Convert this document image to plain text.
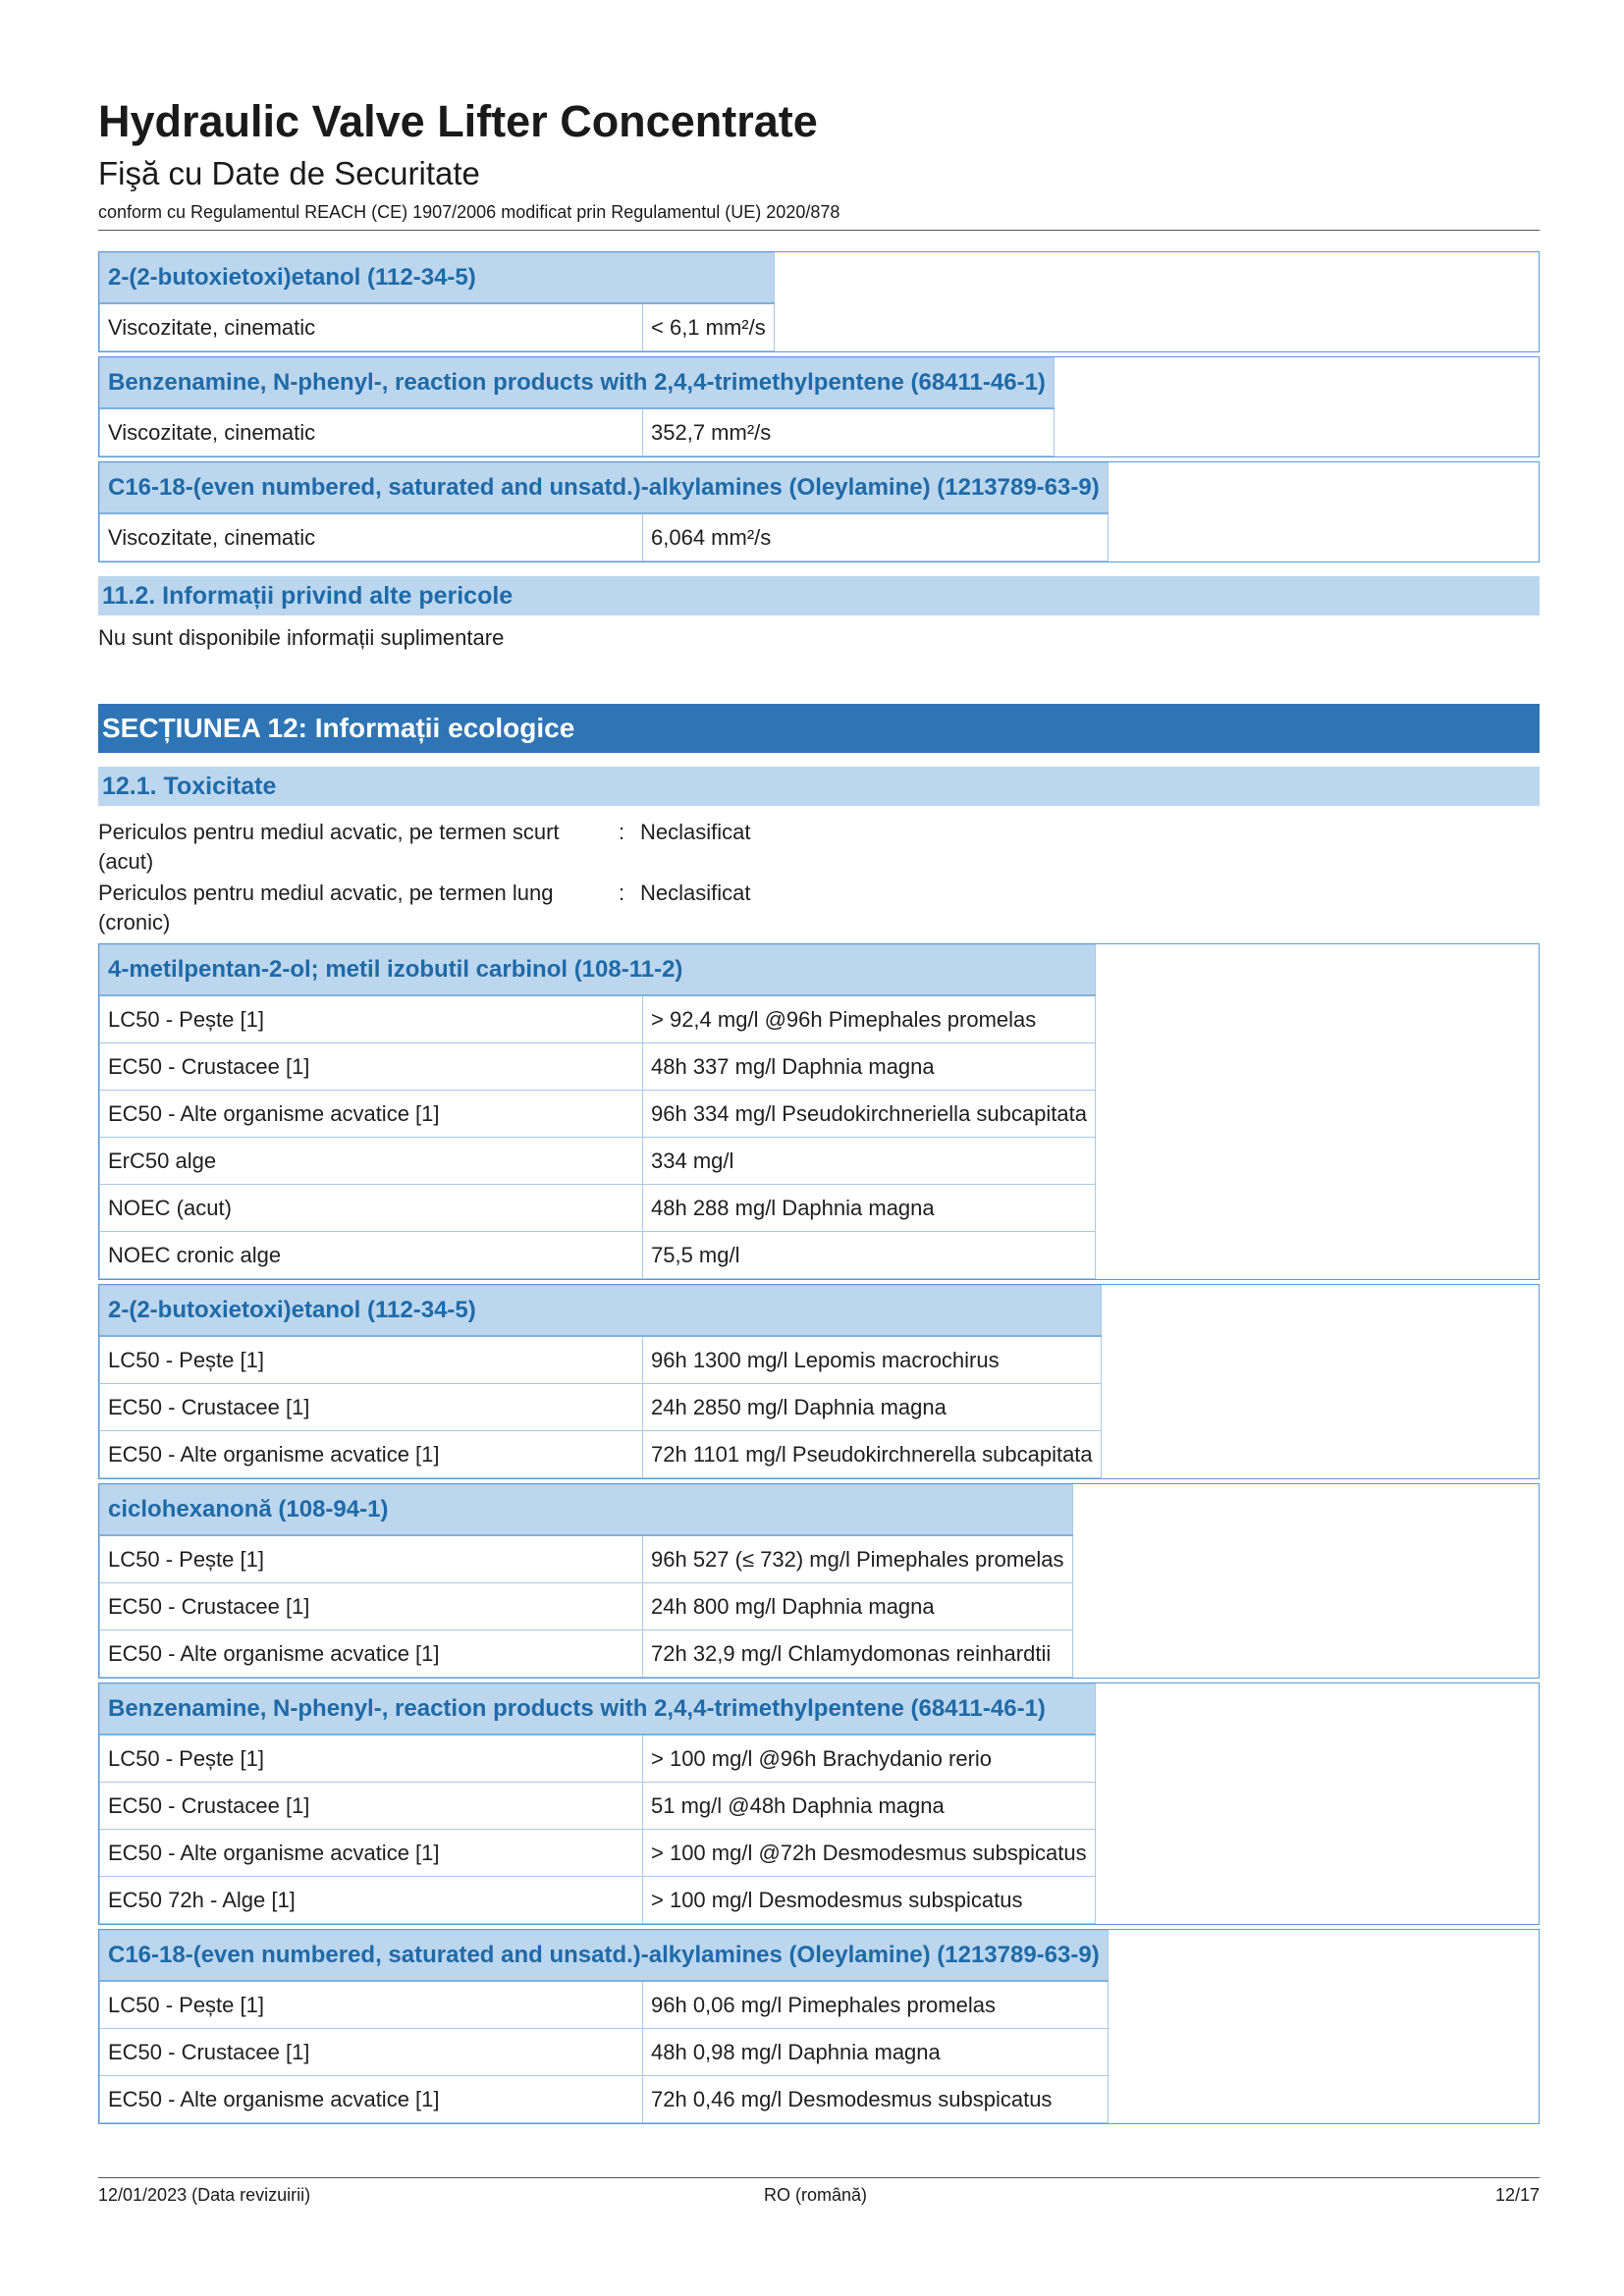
Hydraulic Valve Lifter Concentrate
Fişă cu Date de Securitate
conform cu Regulamentul REACH (CE) 1907/2006 modificat prin Regulamentul (UE) 2020/878
2-(2-butoxietoxi)etanol (112-34-5)
Viscozitate, cinematic	< 6,1 mm²/s
Benzenamine, N-phenyl-, reaction products with 2,4,4-trimethylpentene (68411-46-1)
Viscozitate, cinematic	352,7 mm²/s
C16-18-(even numbered, saturated and unsatd.)-alkylamines (Oleylamine) (1213789-63-9)
Viscozitate, cinematic	6,064 mm²/s
11.2. Informații privind alte pericole
Nu sunt disponibile informații suplimentare
SECȚIUNEA 12: Informații ecologice
12.1. Toxicitate
Periculos pentru mediul acvatic, pe termen scurt
(acut)
: Neclasificat
Periculos pentru mediul acvatic, pe termen lung
(cronic)
: Neclasificat
4-metilpentan-2-ol; metil izobutil carbinol (108-11-2)	
LC50 - Pește [1]	> 92,4 mg/l @96h Pimephales promelas
EC50 - Crustacee [1]	48h 337 mg/l Daphnia magna
EC50 - Alte organisme acvatice [1]	96h 334 mg/l Pseudokirchneriella subcapitata
ErC50 alge	334 mg/l
NOEC (acut)	48h 288 mg/l Daphnia magna
NOEC cronic alge	75,5 mg/l
2-(2-butoxietoxi)etanol (112-34-5)	
LC50 - Pește [1]	96h 1300 mg/l Lepomis macrochirus
EC50 - Crustacee [1]	24h 2850 mg/l Daphnia magna
EC50 - Alte organisme acvatice [1]	72h 1101 mg/l Pseudokirchnerella subcapitata
ciclohexanonă (108-94-1)	
LC50 - Pește [1]	96h 527 (≤ 732) mg/l Pimephales promelas
EC50 - Crustacee [1]	24h 800 mg/l Daphnia magna
EC50 - Alte organisme acvatice [1]	72h 32,9 mg/l Chlamydomonas reinhardtii
Benzenamine, N-phenyl-, reaction products with 2,4,4-trimethylpentene (68411-46-1)	
LC50 - Pește [1]	> 100 mg/l @96h Brachydanio rerio
EC50 - Crustacee [1]	51 mg/l @48h Daphnia magna
EC50 - Alte organisme acvatice [1]	> 100 mg/l @72h Desmodesmus subspicatus
EC50 72h - Alge [1]	> 100 mg/l Desmodesmus subspicatus
C16-18-(even numbered, saturated and unsatd.)-alkylamines (Oleylamine) (1213789-63-9)	
LC50 - Pește [1]	96h 0,06 mg/l Pimephales promelas
EC50 - Crustacee [1]	48h 0,98 mg/l Daphnia magna
EC50 - Alte organisme acvatice [1]	72h 0,46 mg/l Desmodesmus subspicatus
12/01/2023 (Data revizuirii)	RO (română)	12/17
